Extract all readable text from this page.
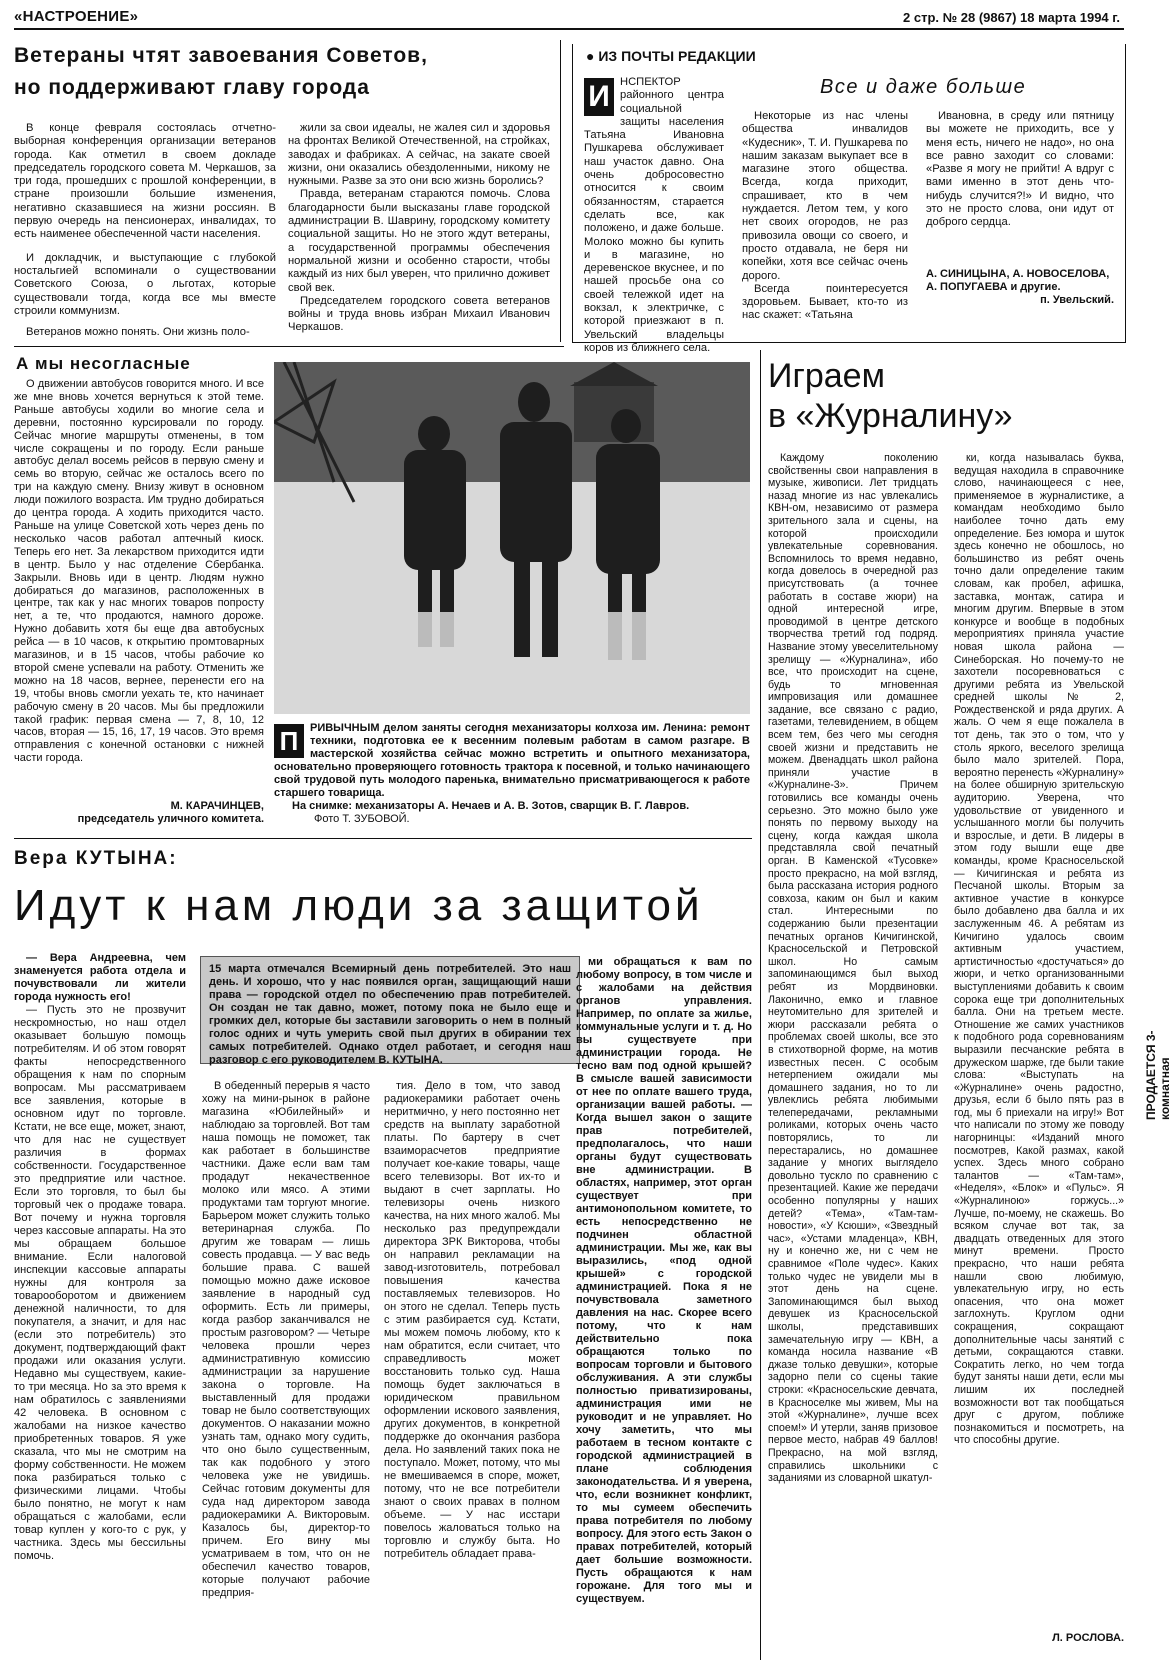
«НАСТРОЕНИЕ»	2 стр. № 28 (9867) 18 марта 1994 г.
Ветераны чтят завоевания Советов,
но поддерживают главу города

В конце февраля состоялась отчетно-выборная конференция организации ветеранов города. Как отметил в своем докладе председатель городского совета М. Черкашов, за три года, прошедших с прошлой конференции, в стране произошли большие изменения, негативно сказавшиеся на жизни россиян. В первую очередь на пенсионерах, инвалидах, то есть наименее обеспеченной части населения.

И докладчик, и выступающие с глубокой ностальгией вспоминали о существовании Советского Союза, о льготах, которые существовали тогда, когда все мы вместе строили коммунизм.

Ветеранов можно понять. Они жизнь поло-

жили за свои идеалы, не жалея сил и здоровья на фронтах Великой Отечественной, на стройках, заводах и фабриках. А сейчас, на закате своей жизни, они оказались обездоленными, никому не нужными. Разве за это они всю жизнь боролись?

Правда, ветеранам стараются помочь. Слова благодарности были высказаны главе городской администрации В. Шаврину, городскому комитету социальной защиты. Но не этого ждут ветераны, а государственной программы обеспечения нормальной жизни и особенно старости, чтобы каждый из них был уверен, что прилично доживет свой век.

Председателем городского совета ветеранов войны и труда вновь избран Михаил Иванович Черкашов.

● ИЗ ПОЧТЫ РЕДАКЦИИ
Все и даже больше
И НСПЕКТОР районного центра социальной защиты населения Татьяна Ивановна Пушкарева обслуживает наш участок давно. Она очень добросовестно относится к своим обязанностям, старается сделать все, как положено, и даже больше. Молоко можно бы купить и в магазине, но деревенское вкуснее, и по нашей просьбе она со своей тележкой идет на вокзал, к электричке, с которой приезжают в п. Увельский владельцы коров из ближнего села.

Некоторые из нас члены общества инвалидов «Кудесник», Т. И. Пушкарева по нашим заказам выкупает все в магазине этого общества. Всегда, когда приходит, спрашивает, кто в чем нуждается. Летом тем, у кого нет своих огородов, не раз привозила овощи со своего, и просто отдавала, не беря ни копейки, хотя все сейчас очень дорого.

Всегда поинтересуется здоровьем. Бывает, кто-то из нас скажет: «Татьяна

Ивановна, в среду или пятницу вы можете не приходить, все у меня есть, ничего не надо», но она все равно заходит со словами: «Разве я могу не прийти! А вдруг с вами именно в этот день что-нибудь случится?!» И видно, что это не просто слова, они идут от доброго сердца.

А. СИНИЦЫНА, А. НОВОСЕЛОВА, А. ПОПУГАЕВА и другие.
п. Увельский.
А мы несогласные

О движении автобусов говорится много. И все же мне вновь хочется вернуться к этой теме. Раньше автобусы ходили во многие села и деревни, постоянно курсировали по городу. Сейчас многие маршруты отменены, в том числе сокращены и по городу. Если раньше автобус делал восемь рейсов в первую смену и семь во вторую, сейчас же осталось всего по три на каждую смену. Внизу живут в основном люди пожилого возраста. Им трудно добираться до центра города. А ходить приходится часто. Раньше на улице Советской хоть через день по несколько часов работал аптечный киоск. Теперь его нет. За лекарством приходится идти в центр. Было у нас отделение Сбербанка. Закрыли. Вновь иди в центр. Людям нужно добираться до магазинов, расположенных в центре, так как у нас многих товаров попросту нет, а те, что продаются, намного дороже. Нужно добавить хотя бы еще два автобусных рейса — в 10 часов, к открытию промтоварных магазинов, и в 15 часов, чтобы рабочие ко второй смене успевали на работу. Отменить же можно на 18 часов, вернее, перенести его на 19, чтобы вновь смогли уехать те, кто начинает рабочую смену в 20 часов. Мы бы предложили такой график: первая смена — 7, 8, 10, 12 часов, вторая — 15, 16, 17, 19 часов. Это время отправления с конечной остановки с нижней части города.

М. КАРАЧИНЦЕВ,
председатель уличного комитета.
П	РИВЫЧНЫМ делом заняты сегодня механизаторы колхоза им. Ленина: ремонт техники, подготовка ее к весенним полевым работам в самом разгаре. В мастерской хозяйства сейчас можно встретить и опытного механизатора, основательно проверяющего готовность трактора к посевной, и только начинающего свой трудовой путь молодого паренька, внимательно присматривающегося к работе старшего товарища.
На снимке: механизаторы А. Нечаев и А. В. Зотов, сварщик В. Г. Лавров.
Фото Т. ЗУБОВОЙ.
Играем
в «Журналину»

Каждому поколению свойственны свои направления в музыке, живописи. Лет тридцать назад многие из нас увлекались КВН-ом, независимо от размера зрительного зала и сцены, на которой происходили увлекательные соревнования. Вспомнилось то время недавно, когда довелось в очередной раз присутствовать (а точнее работать в составе жюри) на одной интересной игре, проводимой в центре детского творчества третий год подряд. Название этому увеселительному зрелищу — «Журналина», ибо все, что происходит на сцене, будь то мгновенная импровизация или домашнее задание, все связано с радио, газетами, телевидением, в общем всем тем, без чего мы сегодня своей жизни и представить не можем. Двенадцать школ района приняли участие в «Журналине-3». Причем готовились все команды очень серьезно. Это можно было уже понять по первому выходу на сцену, когда каждая школа представляла свой печатный орган. В Каменской «Тусовке» просто прекрасно, на мой взгляд, была рассказана история родного совхоза, каким он был и каким стал. Интересными по содержанию были презентации печатных органов Кичигинской, Красносельской и Петровской школ. Но самым запоминающимся был выход ребят из Мордвиновки. Лаконично, емко и главное неутомительно для зрителей и жюри рассказали ребята о проблемах своей школы, все это в стихотворной форме, на мотив известных песен. С особым нетерпением ожидали мы домашнего задания, но то ли увлеклись ребята любимыми телепередачами, рекламными роликами, которых очень часто повторялись, то ли перестарались, но домашнее задание у многих выглядело довольно тускло по сравнению с презентацией. Какие же передачи особенно популярны у наших детей? «Тема», «Там-там-новости», «У Ксюши», «Звездный час», «Устами младенца», КВН, ну и конечно же, ни с чем не сравнимое «Поле чудес». Каких только чудес не увидели мы в этот день на сцене. Запоминающимся был выход девушек из Красносельской школы, представивших замечательную игру — КВН, а команда носила название «В джазе только девушки», которые задорно пели со сцены такие строки: «Красносельские девчата, в Красноселке мы живем, Мы на этой «Журналине», лучше всех споем!» И утерли, заняв призовое первое место, набрав 49 баллов! Прекрасно, на мой взгляд, справились школьники с заданиями из словарной шкатул-

ки, когда называлась буква, ведущая находила в справочнике слово, начинающееся с нее, применяемое в журналистике, а командам необходимо было наиболее точно дать ему определение. Без юмора и шуток здесь конечно не обошлось, но большинство из ребят очень точно дали определение таким словам, как пробел, афишка, заставка, монтаж, сатира и многим другим. Впервые в этом конкурсе и вообще в подобных мероприятиях приняла участие новая школа района — Синеборская. Но почему-то не захотели посоревноваться с другими ребята из Увельской средней школы № 2, Рождественской и ряда других. А жаль. О чем я еще пожалела в тот день, так это о том, что у столь яркого, веселого зрелища было мало зрителей. Пора, вероятно перенесть «Журналину» на более обширную зрительскую аудиторию. Уверена, что удовольствие от увиденного и услышанного могли бы получить и взрослые, и дети. В лидеры в этом году вышли еще две команды, кроме Красносельской — Кичигинская и ребята из Песчаной школы. Вторым за активное участие в конкурсе было добавлено два балла и их заслуженным 46. А ребятам из Кичигино удалось своим активным участием, артистичностью «достучаться» до жюри, и четко организованными выступлениями добавить к своим сорока еще три дополнительных балла. Они на третьем месте. Отношение же самих участников к подобного рода соревнованиям выразили песчанские ребята в дружеском шарже, где были такие слова: «Выступать на «Журналине» очень радостно, друзья, если б было пять раз в год, мы б приехали на игру!» Вот что написали по этому же поводу нагорнинцы: «Изданий много посмотрев, Какой размах, какой успех. Здесь много собрано талантов — «Там-там», «Неделя», «Блок» и «Пульс». Я «Журналиною» горжусь...» Лучше, по-моему, не скажешь. Во всяком случае вот так, за двадцать отведенных для этого минут времени. Просто прекрасно, что наши ребята нашли свою любимую, увлекательную игру, но есть опасения, что она может заглохнуть. Круглом одни сокращения, сокращают дополнительные часы занятий с детьми, сокращаются ставки. Сократить легко, но чем тогда будут заняты наши дети, если мы лишим их последней возможности вот так пообщаться друг с другом, поближе познакомиться и посмотреть, на что способны другие.

Л. РОСЛОВА.
ПРОДАЕТСЯ 3-комнатная
Вера КУТЫНА:
Идут к нам люди за защитой

— Вера Андреевна, чем знаменуется работа отдела и почувствовали ли жители города нужность его!

— Пусть это не прозвучит нескромностью, но наш отдел оказывает большую помощь потребителям. И об этом говорят факты непосредственного обращения к нам по спорным вопросам. Мы рассматриваем все заявления, которые в основном идут по торговле. Кстати, не все еще, может, знают, что для нас не существует различия в формах собственности. Государственное это предприятие или частное. Если это торговля, то был бы торговый чек о продаже товара. Вот почему и нужна торговля через кассовые аппараты. На это мы обращаем большое внимание. Если налоговой инспекции кассовые аппараты нужны для контроля за товарооборотом и движением денежной наличности, то для покупателя, а значит, и для нас (если это потребитель) это документ, подтверждающий факт продажи или оказания услуги. Недавно мы существуем, какие-то три месяца. Но за это время к нам обратилось с заявлениями 42 человека. В основном с жалобами на низкое качество приобретенных товаров. Я уже сказала, что мы не смотрим на форму собственности. Не можем пока разбираться только с физическими лицами. Чтобы было понятно, не могут к нам обращаться с жалобами, если товар куплен у кого-то с рук, у частника. Здесь мы бессильны помочь.

15 марта отмечался Всемирный день потребителей. Это наш день. И хорошо, что у нас появился орган, защищающий наши права — городской отдел по обеспечению прав потребителей. Он создан не так давно, может, потому пока не было еще и громких дел, которые бы заставили заговорить о нем в полный голос одних и чуть умерить свой пыл других в обирании тех самых потребителей. Однако отдел работает, и сегодня наш разговор с его руководителем В. КУТЫНА.

В обеденный перерыв я часто хожу на мини-рынок в районе магазина «Юбилейный» и наблюдаю за торговлей. Вот там наша помощь не поможет, так как работает в большинстве частники. Даже если вам там продадут некачественное молоко или мясо. А этими продуктами там торгуют многие. Барьером может служить только ветеринарная служба. По другим же товарам — лишь совесть продавца. — У вас ведь большие права. С вашей помощью можно даже исковое заявление в народный суд оформить. Есть ли примеры, когда разбор заканчивался не простым разговором? — Четыре человека прошли через административную комиссию администрации за нарушение закона о торговле. На выставленный для продажи товар не было соответствующих документов. О наказании можно узнать там, однако могу судить, что оно было существенным, так как подобного у этого человека уже не увидишь. Сейчас готовим документы для суда над директором завода радиокерамики А. Викторовым. Казалось бы, директор-то причем. Его вину мы усматриваем в том, что он не обеспечил качество товаров, которые получают рабочие предприя-

тия. Дело в том, что завод радиокерамики работает очень неритмично, у него постоянно нет средств на выплату заработной платы. По бартеру в счет взаиморасчетов предприятие получает кое-какие товары, чаще всего телевизоры. Вот их-то и выдают в счет зарплаты. Но телевизоры очень низкого качества, на них много жалоб. Мы несколько раз предупреждали директора ЗРК Викторова, чтобы он направил рекламации на завод-изготовитель, потребовал повышения качества поставляемых телевизоров. Но он этого не сделал. Теперь пусть с этим разбирается суд. Кстати, мы можем помочь любому, кто к нам обратится, если считает, что справедливость может восстановить только суд. Наша помощь будет заключаться в юридическом правильном оформлении искового заявления, других документов, в конкретной поддержке до окончания разбора дела. Но заявлений таких пока не поступало. Может, потому, что мы не вмешиваемся в споре, может, потому, что не все потребители знают о своих правах в полном объеме. — У нас исстари повелось жаловаться только на торговлю и службу быта. Но потребитель обладает права-

ми обращаться к вам по любому вопросу, в том числе и с жалобами на действия органов управления. Например, по оплате за жилье, коммунальные услуги и т. д. Но вы существуете при администрации города. Не тесно вам под одной крышей? В смысле вашей зависимости от нее по оплате вашего труда, организации вашей работы. — Когда вышел закон о защите прав потребителей, предполагалось, что наши органы будут существовать вне администрации. В областях, например, этот орган существует при антимонопольном комитете, то есть непосредственно не подчинен областной администрации. Мы же, как вы выразились, «под одной крышей» с городской администрацией. Пока я не почувствовала заметного давления на нас. Скорее всего потому, что к нам действительно пока обращаются только по вопросам торговли и бытового обслуживания. А эти службы полностью приватизированы, администрация ими не руководит и не управляет. Но хочу заметить, что мы работаем в тесном контакте с городской администрацией в плане соблюдения законодательства. И я уверена, что, если возникнет конфликт, то мы сумеем обеспечить права потребителя по любому вопросу. Для этого есть Закон о правах потребителей, который дает большие возможности. Пусть обращаются к нам горожане. Для того мы и существуем.
